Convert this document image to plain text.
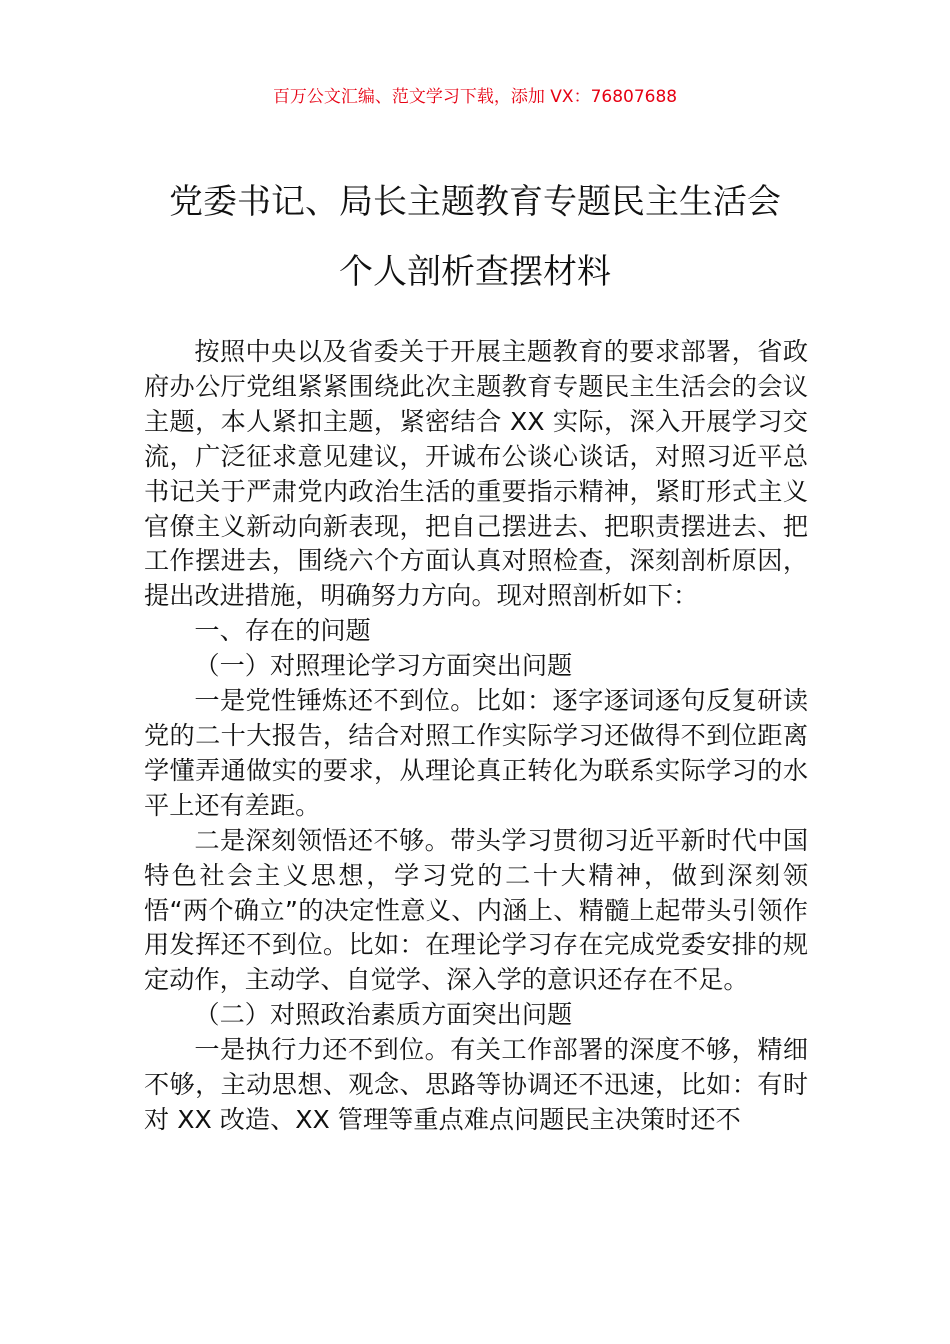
百万公文汇编、范文学习下载，添加 VX：76807688
党委书记、局长主题教育专题民主生活会
个人剖析查摆材料

按照中央以及省委关于开展主题教育的要求部署，省政府办公厅党组紧紧围绕此次主题教育专题民主生活会的会议主题，本人紧扣主题，紧密结合 XX 实际，深入开展学习交流，广泛征求意见建议，开诚布公谈心谈话，对照习近平总书记关于严肃党内政治生活的重要指示精神，紧盯形式主义官僚主义新动向新表现，把自己摆进去、把职责摆进去、把工作摆进去，围绕六个方面认真对照检查，深刻剖析原因，提出改进措施，明确努力方向。现对照剖析如下：

一、存在的问题

（一）对照理论学习方面突出问题

一是党性锤炼还不到位。比如：逐字逐词逐句反复研读党的二十大报告，结合对照工作实际学习还做得不到位距离学懂弄通做实的要求，从理论真正转化为联系实际学习的水平上还有差距。

二是深刻领悟还不够。带头学习贯彻习近平新时代中国特色社会主义思想，学习党的二十大精神，做到深刻领悟“两个确立”的决定性意义、内涵上、精髓上起带头引领作用发挥还不到位。比如：在理论学习存在完成党委安排的规定动作，主动学、自觉学、深入学的意识还存在不足。

（二）对照政治素质方面突出问题

一是执行力还不到位。有关工作部署的深度不够，精细不够，主动思想、观念、思路等协调还不迅速，比如：有时对 XX 改造、XX 管理等重点难点问题民主决策时还不
